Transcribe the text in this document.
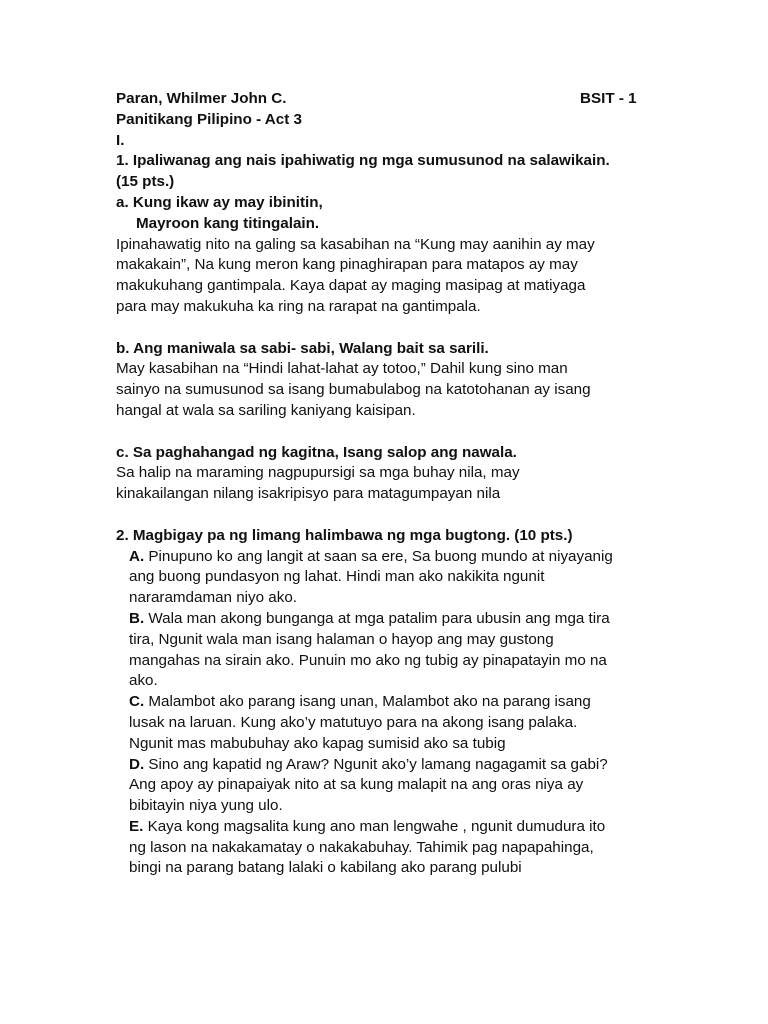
Paran, Whilmer John C.	BSIT - 1
Panitikang Pilipino - Act 3
I.
1. Ipaliwanag ang nais ipahiwatig ng mga sumusunod na salawikain.
(15 pts.)
a. Kung ikaw ay may ibinitin,
Mayroon kang titingalain.
Ipinahawatig nito na galing sa kasabihan na “Kung may aanihin ay may
makakain”, Na kung meron kang pinaghirapan para matapos ay may
makukuhang gantimpala. Kaya dapat ay maging masipag at matiyaga
para may makukuha ka ring na rarapat na gantimpala.
b. Ang maniwala sa sabi- sabi, Walang bait sa sarili.
May kasabihan na “Hindi lahat-lahat ay totoo,” Dahil kung sino man
sainyo na sumusunod sa isang bumabulabog na katotohanan ay isang
hangal at wala sa sariling kaniyang kaisipan.
c. Sa paghahangad ng kagitna, Isang salop ang nawala.
Sa halip na maraming nagpupursigi sa mga buhay nila, may
kinakailangan nilang isakripisyo para matagumpayan nila
2. Magbigay pa ng limang halimbawa ng mga bugtong. (10 pts.)
A. Pinupuno ko ang langit at saan sa ere, Sa buong mundo at niyayanig
ang buong pundasyon ng lahat. Hindi man ako nakikita ngunit
nararamdaman niyo ako.
B. Wala man akong bunganga at mga patalim para ubusin ang mga tira
tira, Ngunit wala man isang halaman o hayop ang may gustong
mangahas na sirain ako. Punuin mo ako ng tubig ay pinapatayin mo na
ako.
C. Malambot ako parang isang unan, Malambot ako na parang isang
lusak na laruan. Kung ako’y matutuyo para na akong isang palaka.
Ngunit mas mabubuhay ako kapag sumisid ako sa tubig
D. Sino ang kapatid ng Araw? Ngunit ako’y lamang nagagamit sa gabi?
Ang apoy ay pinapaiyak nito at sa kung malapit na ang oras niya ay
bibitayin niya yung ulo.
E. Kaya kong magsalita kung ano man lengwahe , ngunit dumudura ito
ng lason na nakakamatay o nakakabuhay. Tahimik pag napapahinga,
bingi na parang batang lalaki o kabilang ako parang pulubi
